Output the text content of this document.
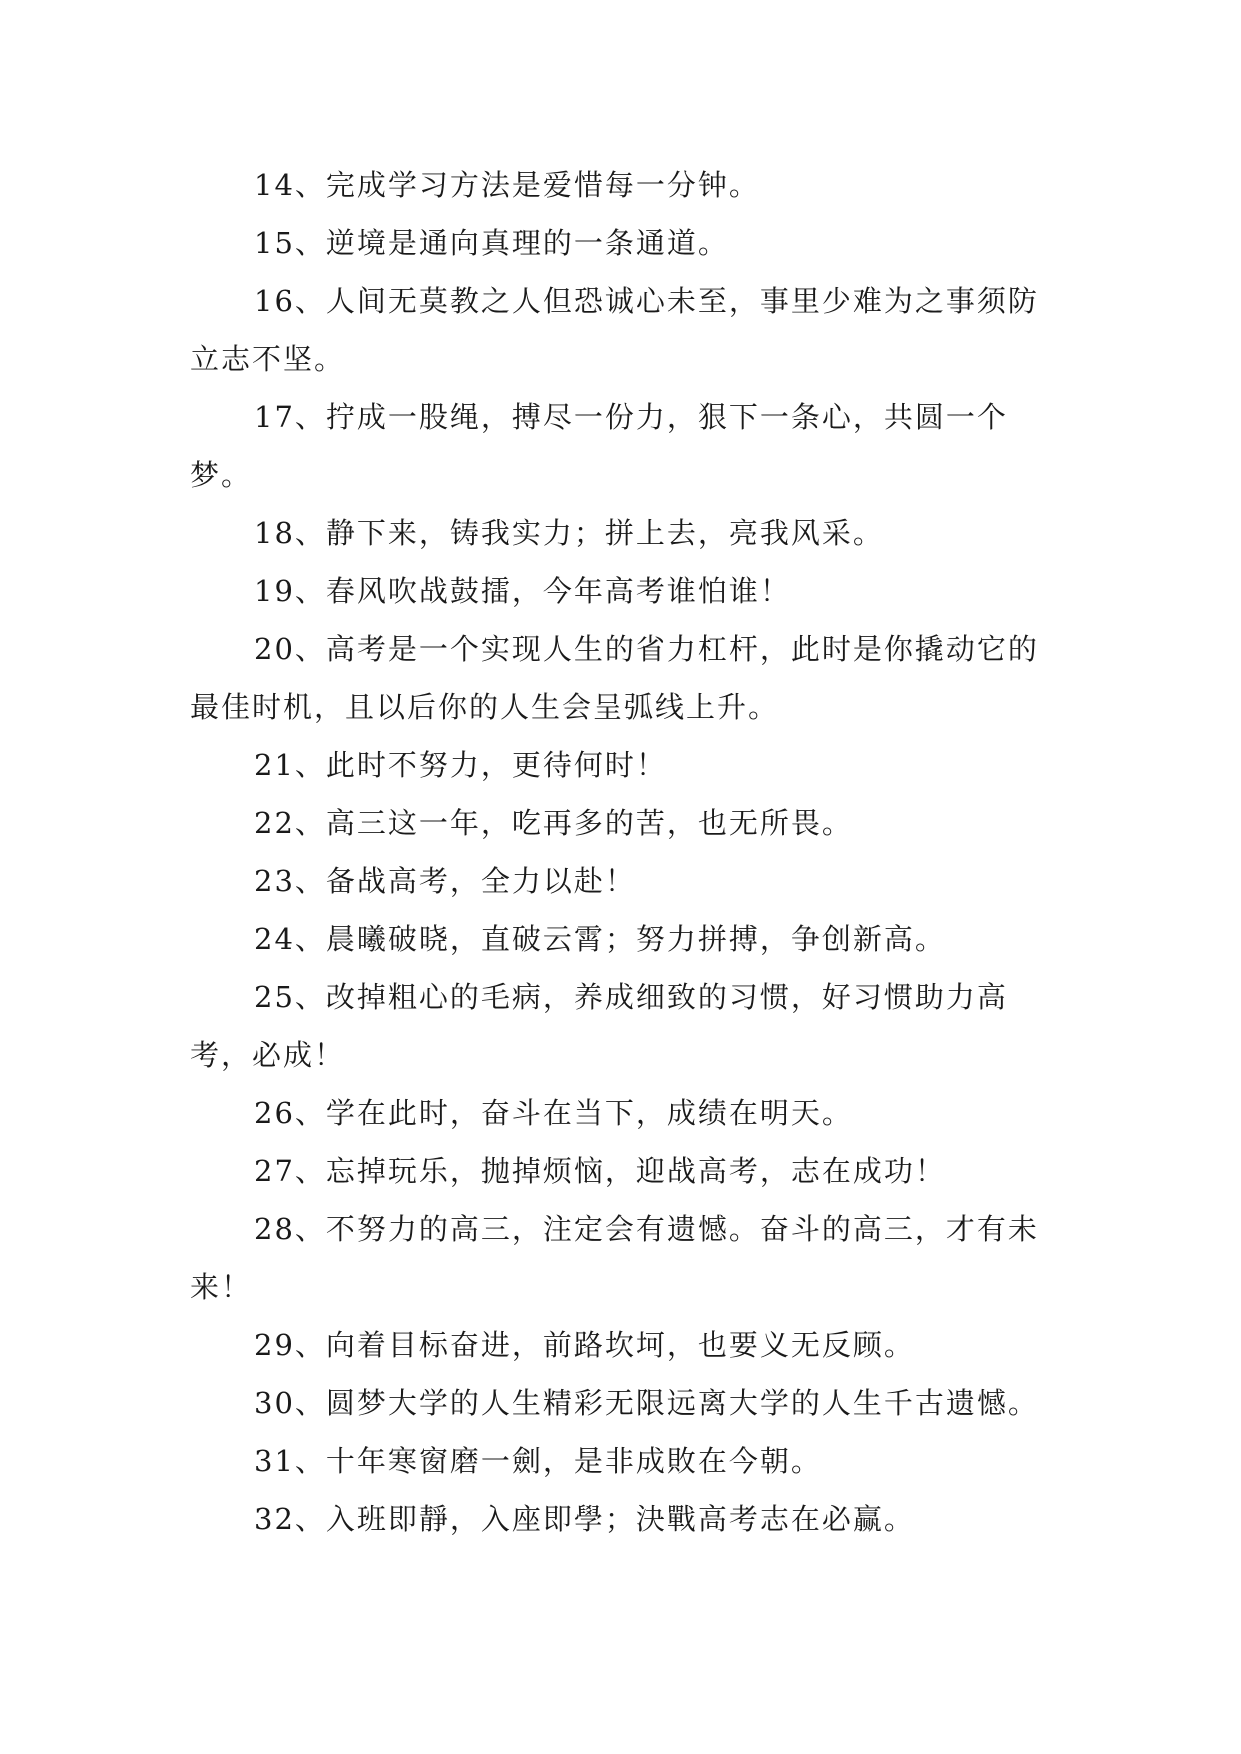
14、完成学习方法是爱惜每一分钟。

15、逆境是通向真理的一条通道。

16、人间无莫教之人但恐诚心未至，事里少难为之事须防立志不坚。

17、拧成一股绳，搏尽一份力，狠下一条心，共圆一个梦。

18、静下来，铸我实力；拼上去，亮我风采。

19、春风吹战鼓擂，今年高考谁怕谁！

20、高考是一个实现人生的省力杠杆，此时是你撬动它的最佳时机，且以后你的人生会呈弧线上升。

21、此时不努力，更待何时！

22、高三这一年，吃再多的苦，也无所畏。

23、备战高考，全力以赴！

24、晨曦破晓，直破云霄；努力拼搏，争创新高。

25、改掉粗心的毛病，养成细致的习惯，好习惯助力高考，必成！

26、学在此时，奋斗在当下，成绩在明天。

27、忘掉玩乐，抛掉烦恼，迎战高考，志在成功！

28、不努力的高三，注定会有遗憾。奋斗的高三，才有未来！

29、向着目标奋进，前路坎坷，也要义无反顾。

30、圆梦大学的人生精彩无限远离大学的人生千古遗憾。

31、十年寒窗磨一劍，是非成敗在今朝。

32、入班即靜，入座即學；決戰高考志在必赢。
